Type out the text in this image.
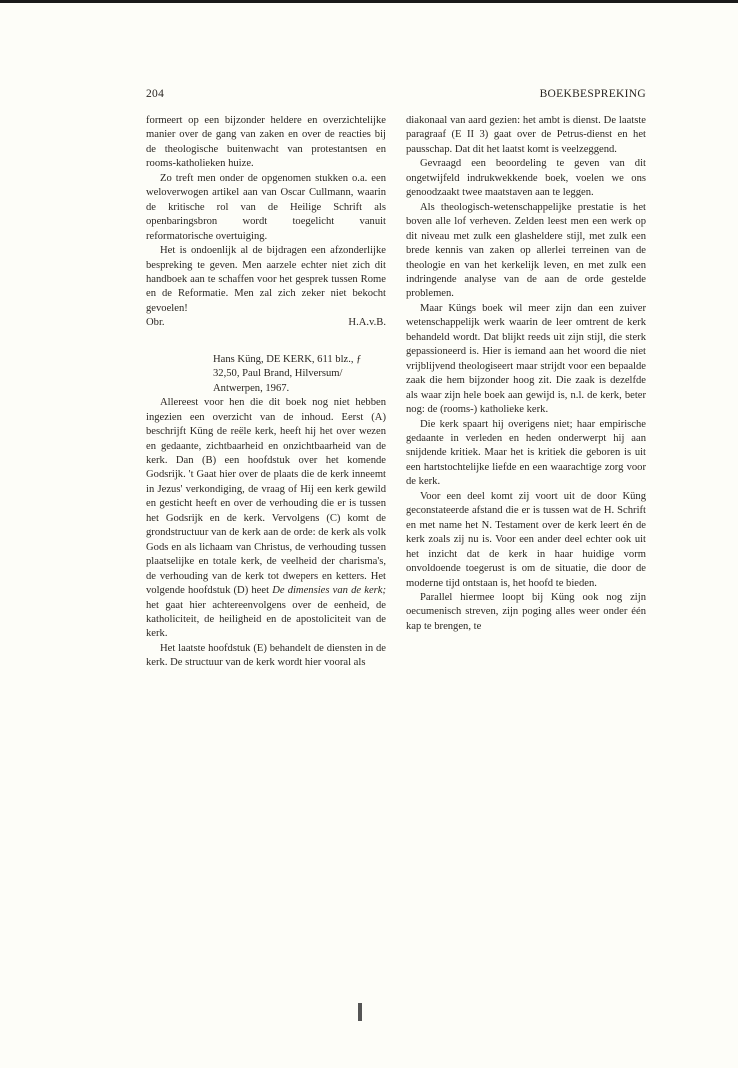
204	BOEKBESPREKING

formeert op een bijzonder heldere en overzichtelijke manier over de gang van zaken en over de reacties bij de theologische buitenwacht van protestantsen en rooms-katholieken huize.

Zo treft men onder de opgenomen stukken o.a. een weloverwogen artikel aan van Oscar Cullmann, waarin de kritische rol van de Heilige Schrift als openbaringsbron wordt toegelicht vanuit reformatorische overtuiging.

Het is ondoenlijk al de bijdragen een afzonderlijke bespreking te geven. Men aarzele echter niet zich dit handboek aan te schaffen voor het gesprek tussen Rome en de Reformatie. Men zal zich zeker niet bekocht gevoelen!

Obr.	H.A.v.B.

Hans Küng, DE KERK, 611 blz., ƒ 32,50, Paul Brand, Hilversum/ Antwerpen, 1967.

Allereest voor hen die dit boek nog niet hebben ingezien een overzicht van de inhoud. Eerst (A) beschrijft Küng de reële kerk, heeft hij het over wezen en gedaante, zichtbaarheid en onzichtbaarheid van de kerk. Dan (B) een hoofdstuk over het komende Godsrijk. 't Gaat hier over de plaats die de kerk inneemt in Jezus' verkondiging, de vraag of Hij een kerk gewild en gesticht heeft en over de verhouding die er is tussen het Godsrijk en de kerk. Vervolgens (C) komt de grondstructuur van de kerk aan de orde: de kerk als volk Gods en als lichaam van Christus, de verhouding tussen plaatselijke en totale kerk, de veelheid der charisma's, de verhouding van de kerk tot dwepers en ketters. Het volgende hoofdstuk (D) heet De dimensies van de kerk; het gaat hier achtereenvolgens over de eenheid, de katholiciteit, de heiligheid en de apostoliciteit van de kerk.

Het laatste hoofdstuk (E) behandelt de diensten in de kerk. De structuur van de kerk wordt hier vooral als

diakonaal van aard gezien: het ambt is dienst. De laatste paragraaf (E II 3) gaat over de Petrus-dienst en het pausschap. Dat dit het laatst komt is veelzeggend.

Gevraagd een beoordeling te geven van dit ongetwijfeld indrukwekkende boek, voelen we ons genoodzaakt twee maatstaven aan te leggen.

Als theologisch-wetenschappelijke prestatie is het boven alle lof verheven. Zelden leest men een werk op dit niveau met zulk een glasheldere stijl, met zulk een brede kennis van zaken op allerlei terreinen van de theologie en van het kerkelijk leven, en met zulk een indringende analyse van de aan de orde gestelde problemen.

Maar Küngs boek wil meer zijn dan een zuiver wetenschappelijk werk waarin de leer omtrent de kerk behandeld wordt. Dat blijkt reeds uit zijn stijl, die sterk gepassioneerd is. Hier is iemand aan het woord die niet vrijblijvend theologiseert maar strijdt voor een bepaalde zaak die hem bijzonder hoog zit. Die zaak is dezelfde als waar zijn hele boek aan gewijd is, n.l. de kerk, beter nog: de (rooms-) katholieke kerk.

Die kerk spaart hij overigens niet; haar empirische gedaante in verleden en heden onderwerpt hij aan snijdende kritiek. Maar het is kritiek die geboren is uit een hartstochtelijke liefde en een waarachtige zorg voor de kerk.

Voor een deel komt zij voort uit de door Küng geconstateerde afstand die er is tussen wat de H. Schrift en met name het N. Testament over de kerk leert én de kerk zoals zij nu is. Voor een ander deel echter ook uit het inzicht dat de kerk in haar huidige vorm onvoldoende toegerust is om de situatie, die door de moderne tijd ontstaan is, het hoofd te bieden.

Parallel hiermee loopt bij Küng ook nog zijn oecumenisch streven, zijn poging alles weer onder één kap te brengen, te
